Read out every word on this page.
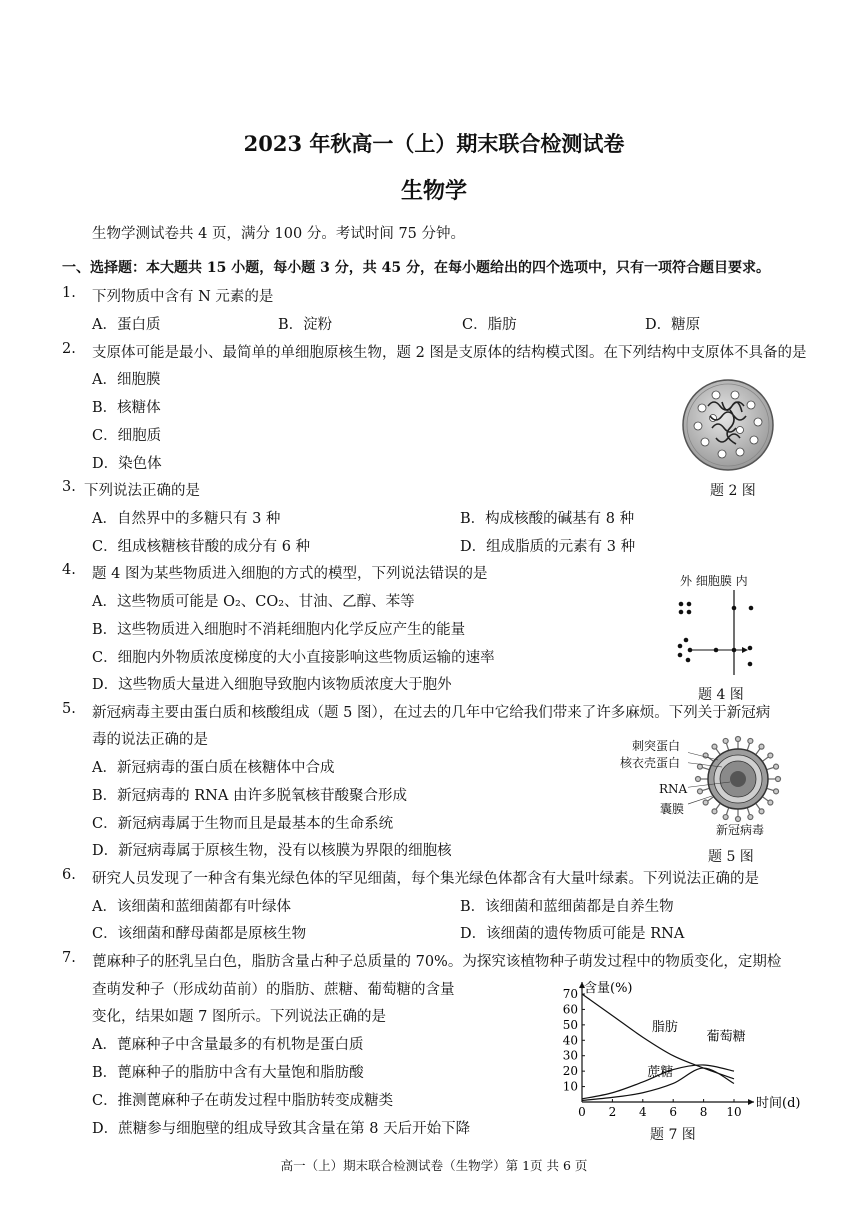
2023 年秋高一（上）期末联合检测试卷
生物学
生物学测试卷共 4 页，满分 100 分。考试时间 75 分钟。
一、选择题：本大题共 15 小题，每小题 3 分，共 45 分，在每小题给出的四个选项中，只有一项符合题目要求。
1. 下列物质中含有 N 元素的是
A．蛋白质	B．淀粉	C．脂肪	D．糖原
2. 支原体可能是最小、最简单的单细胞原核生物，题 2 图是支原体的结构模式图。在下列结构中支原体不具备的是
A．细胞膜
B．核糖体
C．细胞质
D．染色体
题 2 图
3. 下列说法正确的是
A．自然界中的多糖只有 3 种	B．构成核酸的碱基有 8 种
C．组成核糖核苷酸的成分有 6 种	D．组成脂质的元素有 3 种
4. 题 4 图为某些物质进入细胞的方式的模型，下列说法错误的是
A．这些物质可能是 O₂、CO₂、甘油、乙醇、苯等
B．这些物质进入细胞时不消耗细胞内化学反应产生的能量
C．细胞内外物质浓度梯度的大小直接影响这些物质运输的速率
D．这些物质大量进入细胞导致胞内该物质浓度大于胞外
外 细胞膜 内
题 4 图
5. 新冠病毒主要由蛋白质和核酸组成（题 5 图），在过去的几年中它给我们带来了许多麻烦。下列关于新冠病
毒的说法正确的是
A．新冠病毒的蛋白质在核糖体中合成
B．新冠病毒的 RNA 由许多脱氧核苷酸聚合形成
C．新冠病毒属于生物而且是最基本的生命系统
D．新冠病毒属于原核生物，没有以核膜为界限的细胞核
刺突蛋白
核衣壳蛋白
RNA
囊膜
新冠病毒
题 5 图
6. 研究人员发现了一种含有集光绿色体的罕见细菌，每个集光绿色体都含有大量叶绿素。下列说法正确的是
A．该细菌和蓝细菌都有叶绿体	B．该细菌和蓝细菌都是自养生物
C．该细菌和酵母菌都是原核生物	D．该细菌的遗传物质可能是 RNA
7. 蓖麻种子的胚乳呈白色，脂肪含量占种子总质量的 70%。为探究该植物种子萌发过程中的物质变化，定期检
查萌发种子（形成幼苗前）的脂肪、蔗糖、葡萄糖的含量
变化，结果如题 7 图所示。下列说法正确的是
A．蓖麻种子中含量最多的有机物是蛋白质
B．蓖麻种子的脂肪中含有大量饱和脂肪酸
C．推测蓖麻种子在萌发过程中脂肪转变成糖类
D．蔗糖参与细胞壁的组成导致其含量在第 8 天后开始下降
10
20
30
40
50
60
70
0 2 4 6 8 10
含量(%)
时间(d)
脂肪
蔗糖
葡萄糖
题 7 图
高一（上）期末联合检测试卷（生物学）第 1页 共 6 页
